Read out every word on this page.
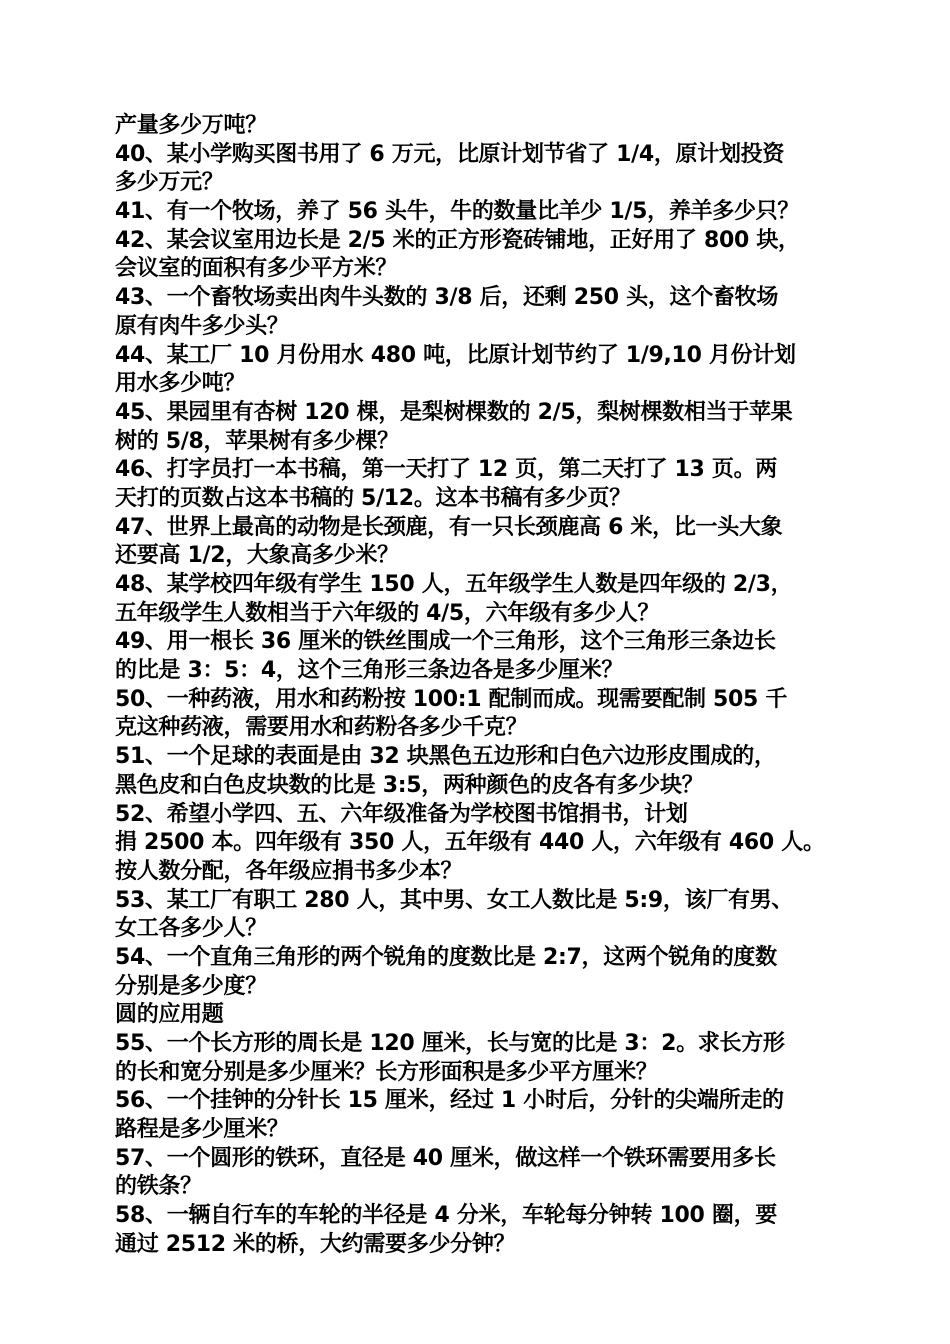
产量多少万吨？
40、某小学购买图书用了 6 万元，比原计划节省了 1/4，原计划投资
多少万元？
41、有一个牧场，养了 56 头牛，牛的数量比羊少 1/5，养羊多少只？
42、某会议室用边长是 2/5 米的正方形瓷砖铺地，正好用了 800 块，
会议室的面积有多少平方米？
43、一个畜牧场卖出肉牛头数的 3/8 后，还剩 250 头，这个畜牧场
原有肉牛多少头？
44、某工厂 10 月份用水 480 吨，比原计划节约了 1/9,10 月份计划
用水多少吨？
45、果园里有杏树 120 棵，是梨树棵数的 2/5，梨树棵数相当于苹果
树的 5/8，苹果树有多少棵？
46、打字员打一本书稿，第一天打了 12 页，第二天打了 13 页。两
天打的页数占这本书稿的 5/12。这本书稿有多少页？
47、世界上最高的动物是长颈鹿，有一只长颈鹿高 6 米，比一头大象
还要高 1/2，大象高多少米？
48、某学校四年级有学生 150 人，五年级学生人数是四年级的 2/3，
五年级学生人数相当于六年级的 4/5，六年级有多少人？
49、用一根长 36 厘米的铁丝围成一个三角形，这个三角形三条边长
的比是 3：5：4，这个三角形三条边各是多少厘米？
50、一种药液，用水和药粉按 100:1 配制而成。现需要配制 505 千
克这种药液，需要用水和药粉各多少千克？
51、一个足球的表面是由 32 块黑色五边形和白色六边形皮围成的，
黑色皮和白色皮块数的比是 3:5，两种颜色的皮各有多少块？
52、希望小学四、五、六年级准备为学校图书馆捐书，计划
捐 2500 本。四年级有 350 人，五年级有 440 人，六年级有 460 人。
按人数分配，各年级应捐书多少本？
53、某工厂有职工 280 人，其中男、女工人数比是 5:9，该厂有男、
女工各多少人？
54、一个直角三角形的两个锐角的度数比是 2:7，这两个锐角的度数
分别是多少度？
圆的应用题
55、一个长方形的周长是 120 厘米，长与宽的比是 3：2。求长方形
的长和宽分别是多少厘米？长方形面积是多少平方厘米？
56、一个挂钟的分针长 15 厘米，经过 1 小时后，分针的尖端所走的
路程是多少厘米？
57、一个圆形的铁环，直径是 40 厘米，做这样一个铁环需要用多长
的铁条？
58、一辆自行车的车轮的半径是 4 分米，车轮每分钟转 100 圈，要
通过 2512 米的桥，大约需要多少分钟？
